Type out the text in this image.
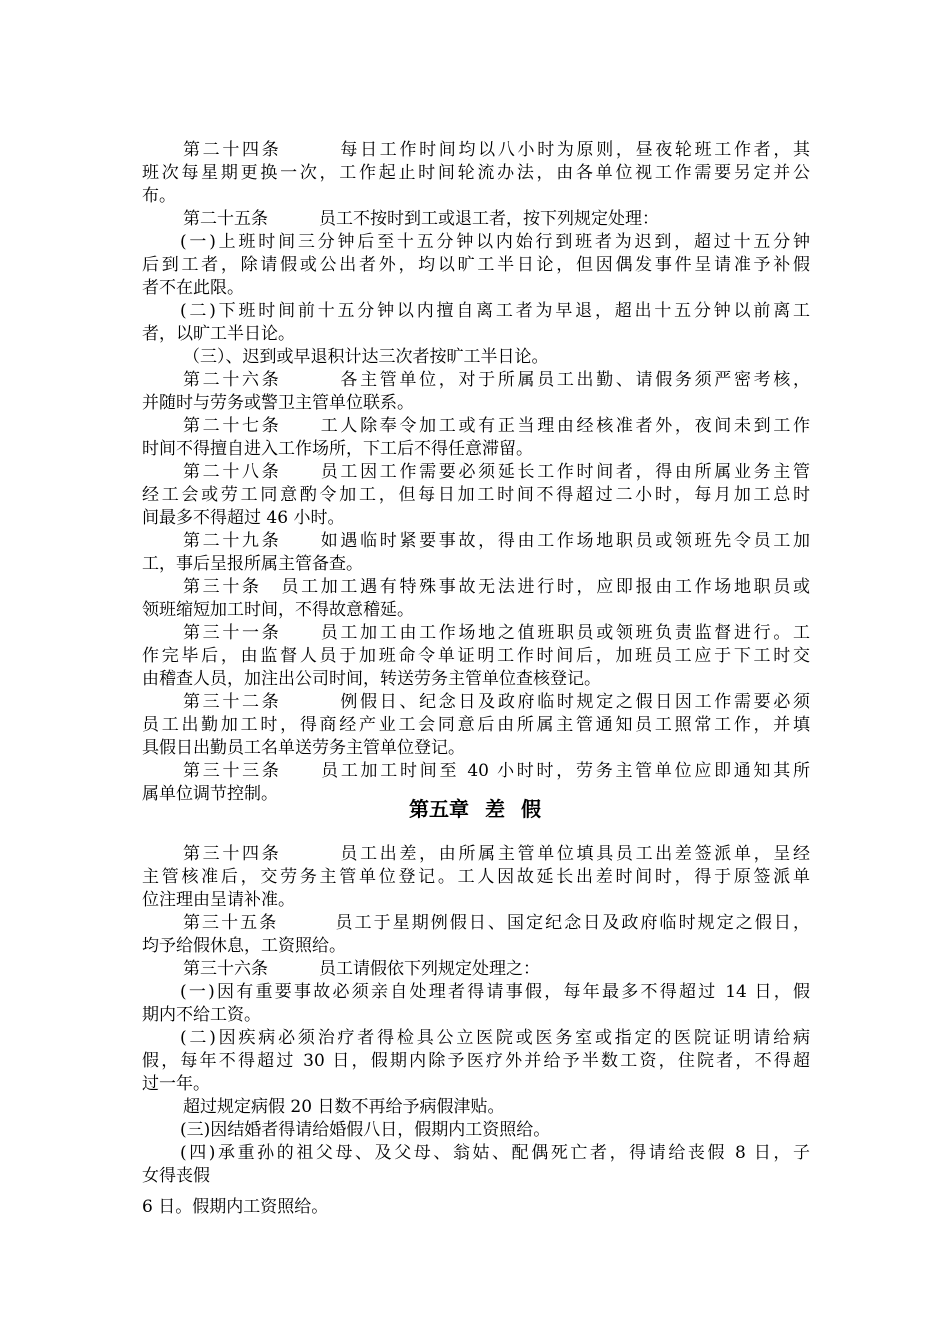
第二十四条　　　每日工作时间均以八小时为原则，昼夜轮班工作者，其
班次每星期更换一次，工作起止时间轮流办法，由各单位视工作需要另定并公
布。
第二十五条　　　员工不按时到工或退工者，按下列规定处理：
(一)上班时间三分钟后至十五分钟以内始行到班者为迟到，超过十五分钟
后到工者，除请假或公出者外，均以旷工半日论，但因偶发事件呈请准予补假
者不在此限。
(二)下班时间前十五分钟以内擅自离工者为早退，超出十五分钟以前离工
者，以旷工半日论。
（三）、迟到或早退积计达三次者按旷工半日论。
第二十六条　　　各主管单位，对于所属员工出勤、请假务须严密考核，
并随时与劳务或警卫主管单位联系。
第二十七条　　工人除奉令加工或有正当理由经核准者外，夜间未到工作
时间不得擅自进入工作场所，下工后不得任意滞留。
第二十八条　　员工因工作需要必须延长工作时间者，得由所属业务主管
经工会或劳工同意酌令加工，但每日加工时间不得超过二小时，每月加工总时
间最多不得超过 46 小时。
第二十九条　　如遇临时紧要事故，得由工作场地职员或领班先令员工加
工，事后呈报所属主管备查。
第三十条　员工加工遇有特殊事故无法进行时，应即报由工作场地职员或
领班缩短加工时间，不得故意稽延。
第三十一条　　员工加工由工作场地之值班职员或领班负责监督进行。工
作完毕后，由监督人员于加班命令单证明工作时间后，加班员工应于下工时交
由稽查人员，加注出公司时间，转送劳务主管单位查核登记。
第三十二条　　　例假日、纪念日及政府临时规定之假日因工作需要必须
员工出勤加工时，得商经产业工会同意后由所属主管通知员工照常工作，并填
具假日出勤员工名单送劳务主管单位登记。
第三十三条　　员工加工时间至 40 小时时，劳务主管单位应即通知其所
属单位调节控制。
第五章 差 假
第三十四条　　　员工出差，由所属主管单位填具员工出差签派单，呈经
主管核准后，交劳务主管单位登记。工人因故延长出差时间时，得于原签派单
位注理由呈请补准。
第三十五条　　　员工于星期例假日、国定纪念日及政府临时规定之假日，
均予给假休息，工资照给。
第三十六条　　　员工请假依下列规定处理之：
(一)因有重要事故必须亲自处理者得请事假，每年最多不得超过 14 日，假
期内不给工资。
(二)因疾病必须治疗者得检具公立医院或医务室或指定的医院证明请给病
假，每年不得超过 30 日，假期内除予医疗外并给予半数工资，住院者，不得超
过一年。
超过规定病假 20 日数不再给予病假津贴。
(三)因结婚者得请给婚假八日，假期内工资照给。
(四)承重孙的祖父母、及父母、翁姑、配偶死亡者，得请给丧假 8 日，子
女得丧假
6 日。假期内工资照给。
